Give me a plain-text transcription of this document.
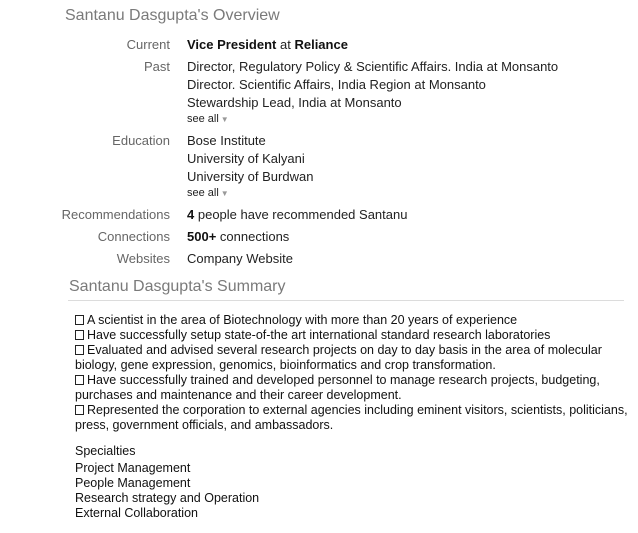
Santanu Dasgupta's Overview
Current Vice President at Reliance
Past Director, Regulatory Policy & Scientific Affairs. India at Monsanto
Director. Scientific Affairs, India Region at Monsanto
Stewardship Lead, India at Monsanto
see all ▼
Education Bose Institute
University of Kalyani
University of Burdwan
see all ▼
Recommendations 4 people have recommended Santanu
Connections 500+ connections
Websites Company Website
Santanu Dasgupta's Summary
A scientist in the area of Biotechnology with more than 20 years of experience
Have successfully setup state-of-the art international standard research laboratories
Evaluated and advised several research projects on day to day basis in the area of molecular biology, gene expression, genomics, bioinformatics and crop transformation.
Have successfully trained and developed personnel to manage research projects, budgeting, purchases and maintenance and their career development.
Represented the corporation to external agencies including eminent visitors, scientists, politicians, press, government officials, and ambassadors.
Specialties
Project Management
People Management
Research strategy and Operation
External Collaboration
